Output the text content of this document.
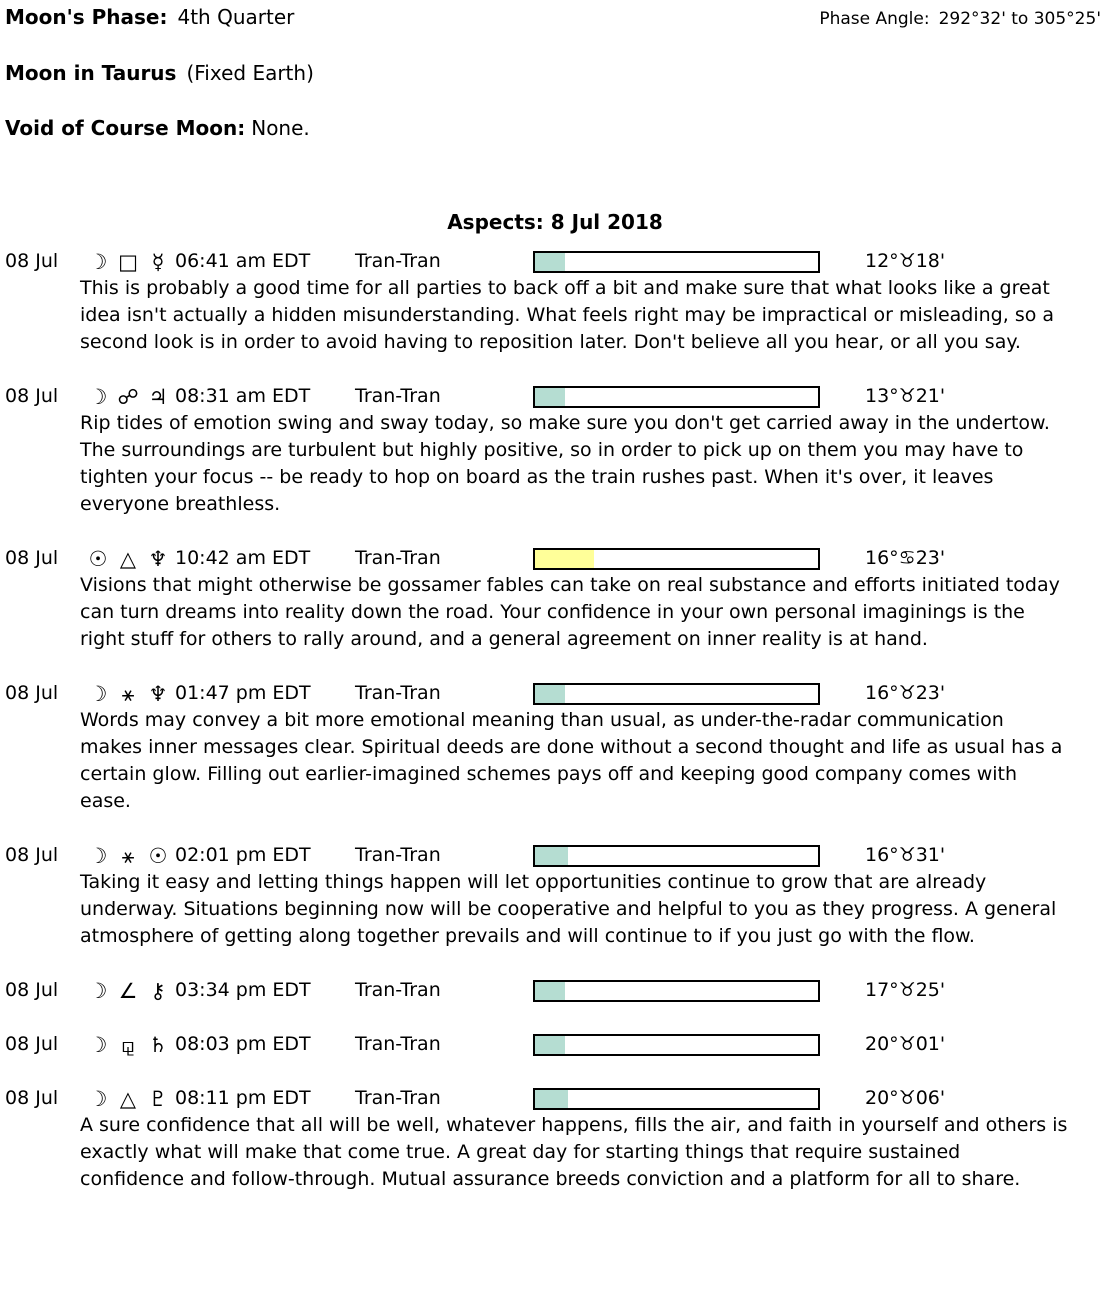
Moon's Phase: 4th Quarter	Phase Angle: 292°32' to 305°25'
Moon in Taurus (Fixed Earth)
Void of Course Moon: None.
Aspects: 8 Jul 2018
08 Jul	☽ □ ☿ 06:41 am EDT	Tran-Tran	12°♉18'

This is probably a good time for all parties to back off a bit and make sure that what looks like a great idea isn't actually a hidden misunderstanding. What feels right may be impractical or misleading, so a second look is in order to avoid having to reposition later. Don't believe all you hear, or all you say.

08 Jul	☽ ☍ ♃ 08:31 am EDT	Tran-Tran	13°♉21'

Rip tides of emotion swing and sway today, so make sure you don't get carried away in the undertow. The surroundings are turbulent but highly positive, so in order to pick up on them you may have to tighten your focus -- be ready to hop on board as the train rushes past. When it's over, it leaves everyone breathless.

08 Jul	☉ △ ♆ 10:42 am EDT	Tran-Tran	16°♋23'

Visions that might otherwise be gossamer fables can take on real substance and efforts initiated today can turn dreams into reality down the road. Your confidence in your own personal imaginings is the right stuff for others to rally around, and a general agreement on inner reality is at hand.

08 Jul	☽ ⚹ ♆ 01:47 pm EDT	Tran-Tran	16°♉23'

Words may convey a bit more emotional meaning than usual, as under-the-radar communication makes inner messages clear. Spiritual deeds are done without a second thought and life as usual has a certain glow. Filling out earlier-imagined schemes pays off and keeping good company comes with ease.

08 Jul	☽ ⚹ ☉ 02:01 pm EDT	Tran-Tran	16°♉31'

Taking it easy and letting things happen will let opportunities continue to grow that are already underway. Situations beginning now will be cooperative and helpful to you as they progress. A general atmosphere of getting along together prevails and will continue to if you just go with the flow.

08 Jul	☽ ∠ ⚷ 03:34 pm EDT	Tran-Tran	17°♉25'
08 Jul	☽ ⚼ ♄ 08:03 pm EDT	Tran-Tran	20°♉01'
08 Jul	☽ △ ♇ 08:11 pm EDT	Tran-Tran	20°♉06'

A sure confidence that all will be well, whatever happens, fills the air, and faith in yourself and others is exactly what will make that come true. A great day for starting things that require sustained confidence and follow-through. Mutual assurance breeds conviction and a platform for all to share.
